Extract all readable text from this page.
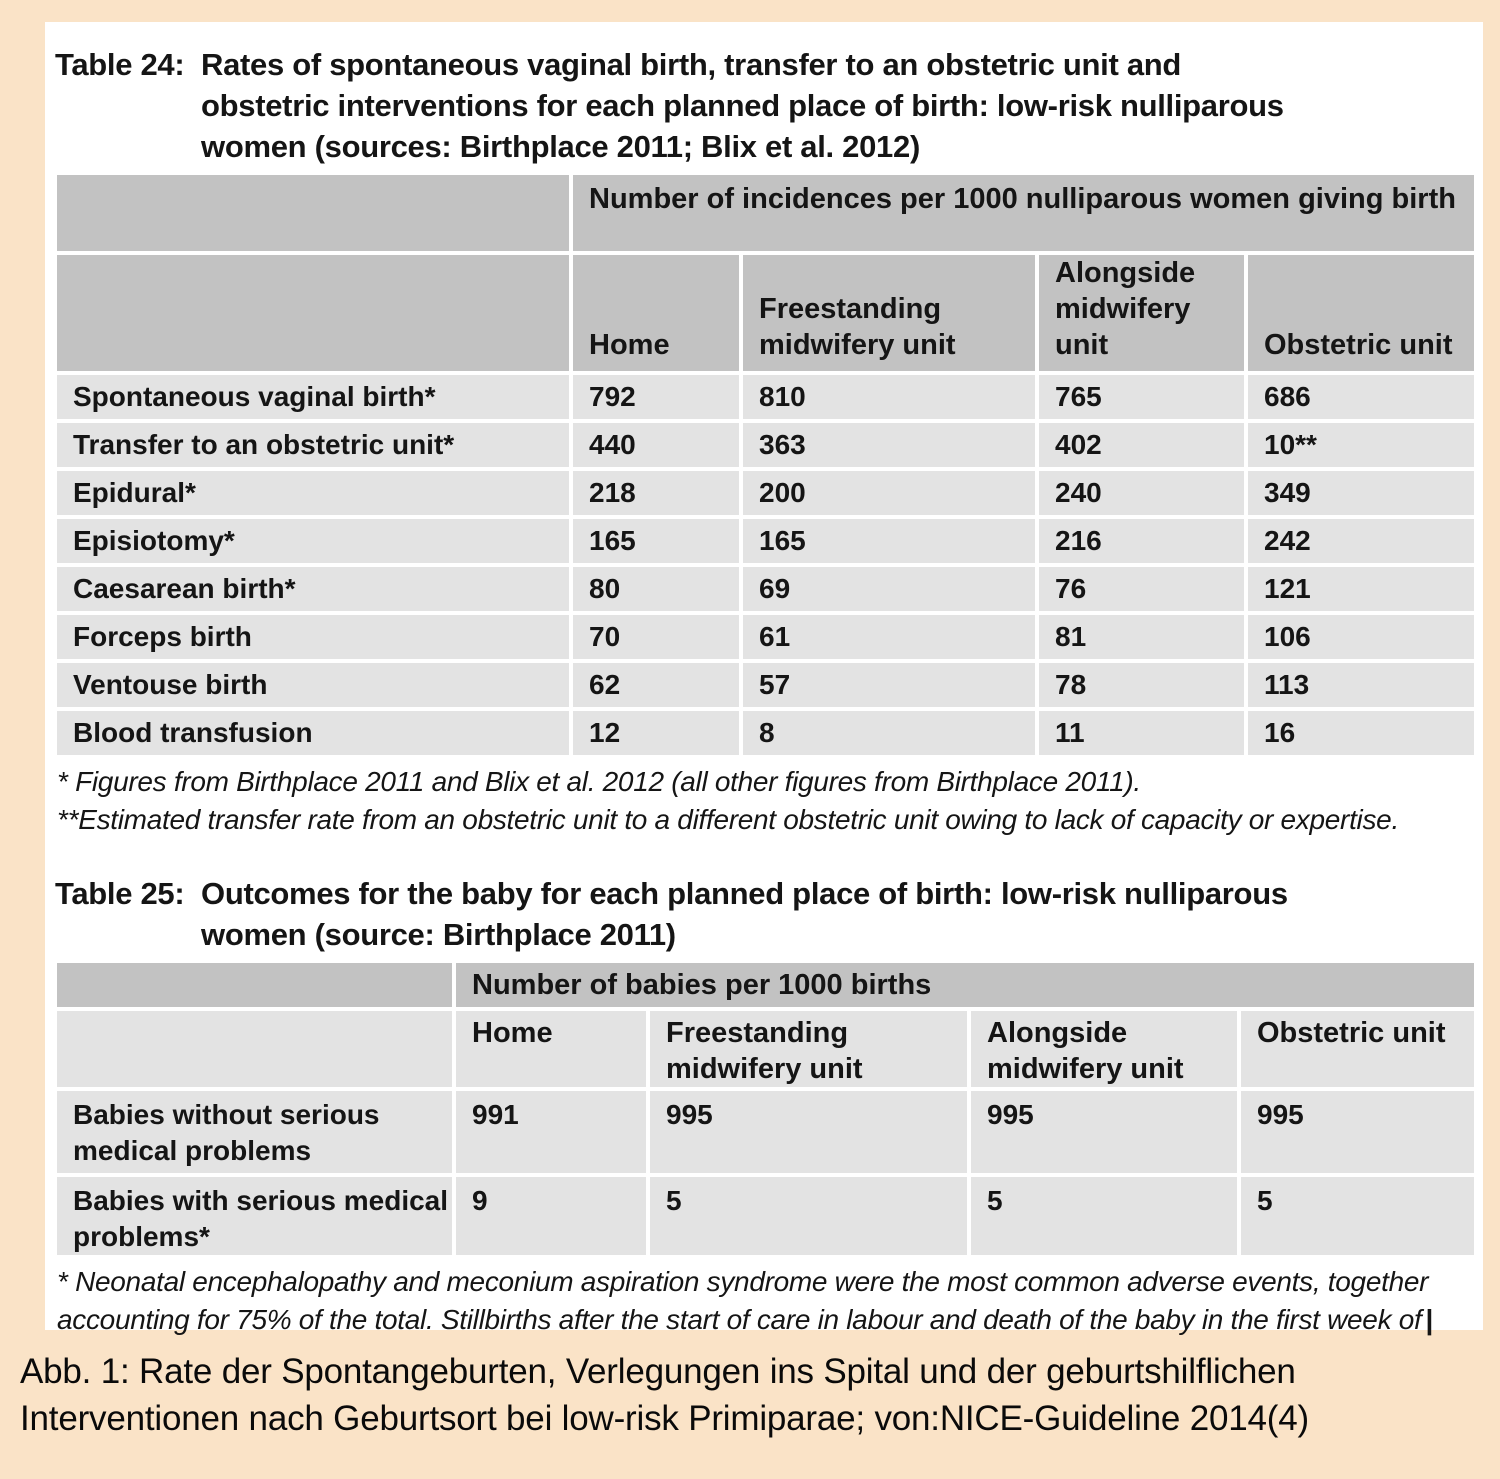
Table 24: Rates of spontaneous vaginal birth, transfer to an obstetric unit and
obstetric interventions for each planned place of birth: low-risk nulliparous
women (sources: Birthplace 2011; Blix et al. 2012)
	Number of incidences per 1000 nulliparous women giving birth			
	Home	Freestanding midwifery unit	Alongside midwifery unit	Obstetric unit
Spontaneous vaginal birth*	792	810	765	686
Transfer to an obstetric unit*	440	363	402	10**
Epidural*	218	200	240	349
Episiotomy*	165	165	216	242
Caesarean birth*	80	69	76	121
Forceps birth	70	61	81	106
Ventouse birth	62	57	78	113
Blood transfusion	12	8	11	16
* Figures from Birthplace 2011 and Blix et al. 2012 (all other figures from Birthplace 2011).
**Estimated transfer rate from an obstetric unit to a different obstetric unit owing to lack of capacity or expertise.
Table 25: Outcomes for the baby for each planned place of birth: low-risk nulliparous
women (source: Birthplace 2011)
	Number of babies per 1000 births			
	Home	Freestanding midwifery unit	Alongside midwifery unit	Obstetric unit
Babies without serious medical problems	991	995	995	995
Babies with serious medical problems*	9	5	5	5
* Neonatal encephalopathy and meconium aspiration syndrome were the most common adverse events, together
accounting for 75% of the total. Stillbirths after the start of care in labour and death of the baby in the first week of |
Abb. 1: Rate der Spontangeburten, Verlegungen ins Spital und der geburtshilflichen
Interventionen nach Geburtsort bei low-risk Primiparae; von:NICE-Guideline 2014(4)
